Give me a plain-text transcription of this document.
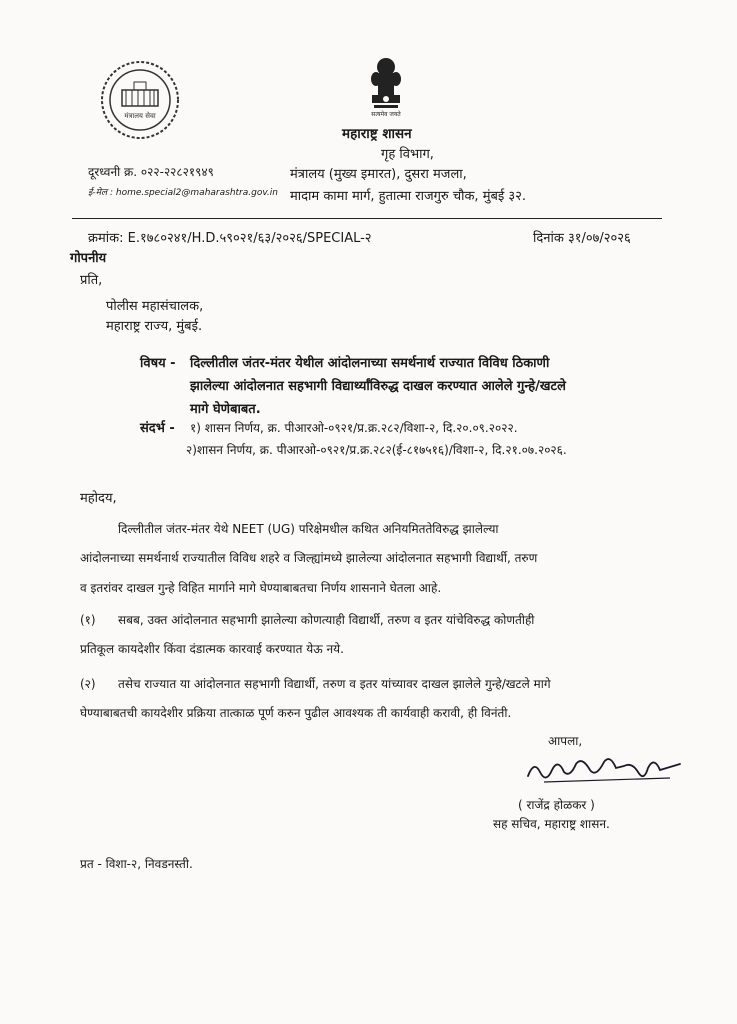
मंत्रालय सेवा	सत्यमेव जयते
महाराष्ट्र शासन
गृह विभाग,
मंत्रालय (मुख्य इमारत), दुसरा मजला,
मादाम कामा मार्ग, हुतात्मा राजगुरु चौक, मुंबई ३२.
दूरध्वनी क्र. ०२२-२२८२१९४९
ई-मेल : home.special2@maharashtra.gov.in
क्रमांक: E.१७८०२४१/H.D.५९०२१/६३/२०२६/SPECIAL-२	दिनांक ३१/०७/२०२६
गोपनीय
प्रति,
पोलीस महासंचालक,
महाराष्ट्र राज्य, मुंबई.
विषय - दिल्लीतील जंतर-मंतर येथील आंदोलनाच्या समर्थनार्थ राज्यात विविध ठिकाणी
झालेल्या आंदोलनात सहभागी विद्यार्थ्यांविरुद्ध दाखल करण्यात आलेले गुन्हे/खटले
मागे घेणेबाबत.
संदर्भ - १) शासन निर्णय, क्र. पीआरओ-०९२१/प्र.क्र.२८२/विशा-२, दि.२०.०९.२०२२.
२)शासन निर्णय, क्र. पीआरओ-०९२१/प्र.क्र.२८२(ई-८१७५१६)/विशा-२, दि.२१.०७.२०२६.
महोदय,
दिल्लीतील जंतर-मंतर येथे NEET (UG) परिक्षेमधील कथित अनियमिततेविरुद्ध झालेल्या
आंदोलनाच्या समर्थनार्थ राज्यातील विविध शहरे व जिल्ह्यांमध्ये झालेल्या आंदोलनात सहभागी विद्यार्थी, तरुण
व इतरांवर दाखल गुन्हे विहित मार्गाने मागे घेण्याबाबतचा निर्णय शासनाने घेतला आहे.
(१) सबब, उक्त आंदोलनात सहभागी झालेल्या कोणत्याही विद्यार्थी, तरुण व इतर यांचेविरुद्ध कोणतीही
प्रतिकूल कायदेशीर किंवा दंडात्मक कारवाई करण्यात येऊ नये.
(२) तसेच राज्यात या आंदोलनात सहभागी विद्यार्थी, तरुण व इतर यांच्यावर दाखल झालेले गुन्हे/खटले मागे
घेण्याबाबतची कायदेशीर प्रक्रिया तात्काळ पूर्ण करुन पुढील आवश्यक ती कार्यवाही करावी, ही विनंती.
आपला,
( राजेंद्र होळकर )
सह सचिव, महाराष्ट्र शासन.
प्रत - विशा-२, निवडनस्ती.
